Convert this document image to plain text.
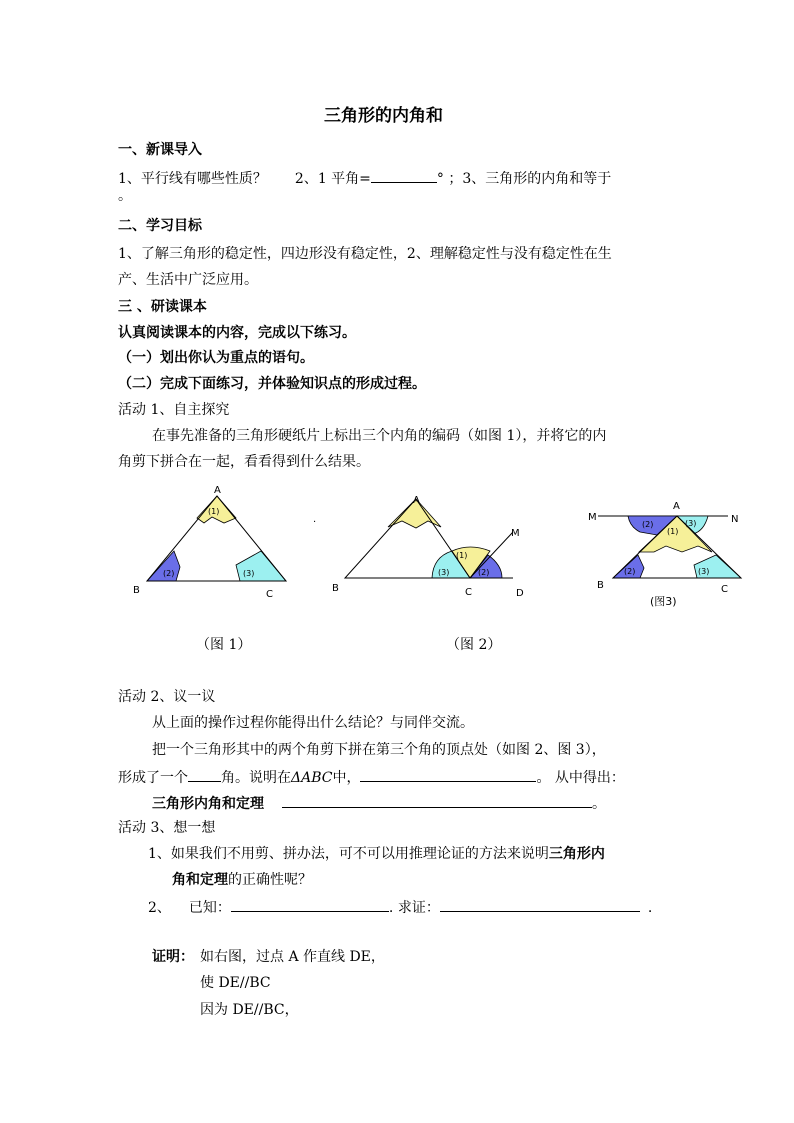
三角形的内角和
一、新课导入
1、平行线有哪些性质？ 2、1 平角=	° ；3、三角形的内角和等于
。
二、学习目标
1、了解三角形的稳定性，四边形没有稳定性，2、理解稳定性与没有稳定性在生
产、生活中广泛应用。
三 、研读课本
认真阅读课本的内容，完成以下练习。
（一）划出你认为重点的语句。
（二）完成下面练习，并体验知识点的形成过程。
活动 1、自主探究
在事先准备的三角形硬纸片上标出三个内角的编码（如图 1），并将它的内
角剪下拼合在一起，看看得到什么结果。
(1)
(2)	(3)
A
B	C
·
(1)
(3)	(2)
A
B	C	D
M
(2)	(3)
(1)
(2)	(3)
M
A
N
B	C
(图3)
（图 1）	（图 2）
活动 2、议一议
从上面的操作过程你能得出什么结论？与同伴交流。
把一个三角形其中的两个角剪下拼在第三个角的顶点处（如图 2、图 3），
形成了一个 角。说明在ΔABC中，	。 从中得出：
三角形内角和定理	。
活动 3、想一想
1、如果我们不用剪、拼办法，可不可以用推理论证的方法来说明三角形内
角和定理的正确性呢？
2、 已知：	. 求证：	.
证明： 如右图，过点 A 作直线 DE，
使 DE//BC
因为 DE//BC，
